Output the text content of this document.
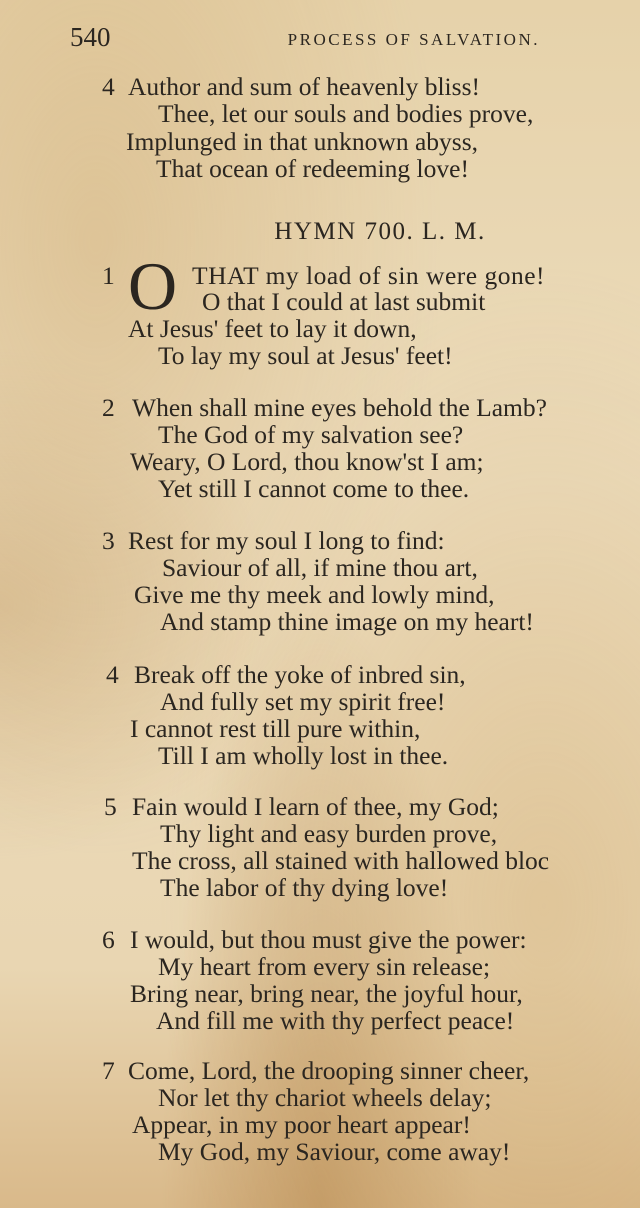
540	PROCESS OF SALVATION.
4 Author and sum of heavenly bliss!
Thee, let our souls and bodies prove,
Implunged in that unknown abyss,
That ocean of redeeming love!
HYMN 700. L. M.
1 O THAT my load of sin were gone!
O that I could at last submit
At Jesus' feet to lay it down,
To lay my soul at Jesus' feet!
2 When shall mine eyes behold the Lamb?
The God of my salvation see?
Weary, O Lord, thou know'st I am;
Yet still I cannot come to thee.
3 Rest for my soul I long to find:
Saviour of all, if mine thou art,
Give me thy meek and lowly mind,
And stamp thine image on my heart!
4 Break off the yoke of inbred sin,
And fully set my spirit free!
I cannot rest till pure within,
Till I am wholly lost in thee.
5 Fain would I learn of thee, my God;
Thy light and easy burden prove,
The cross, all stained with hallowed bloc
The labor of thy dying love!
6 I would, but thou must give the power:
My heart from every sin release;
Bring near, bring near, the joyful hour,
And fill me with thy perfect peace!
7 Come, Lord, the drooping sinner cheer,
Nor let thy chariot wheels delay;
Appear, in my poor heart appear!
My God, my Saviour, come away!
